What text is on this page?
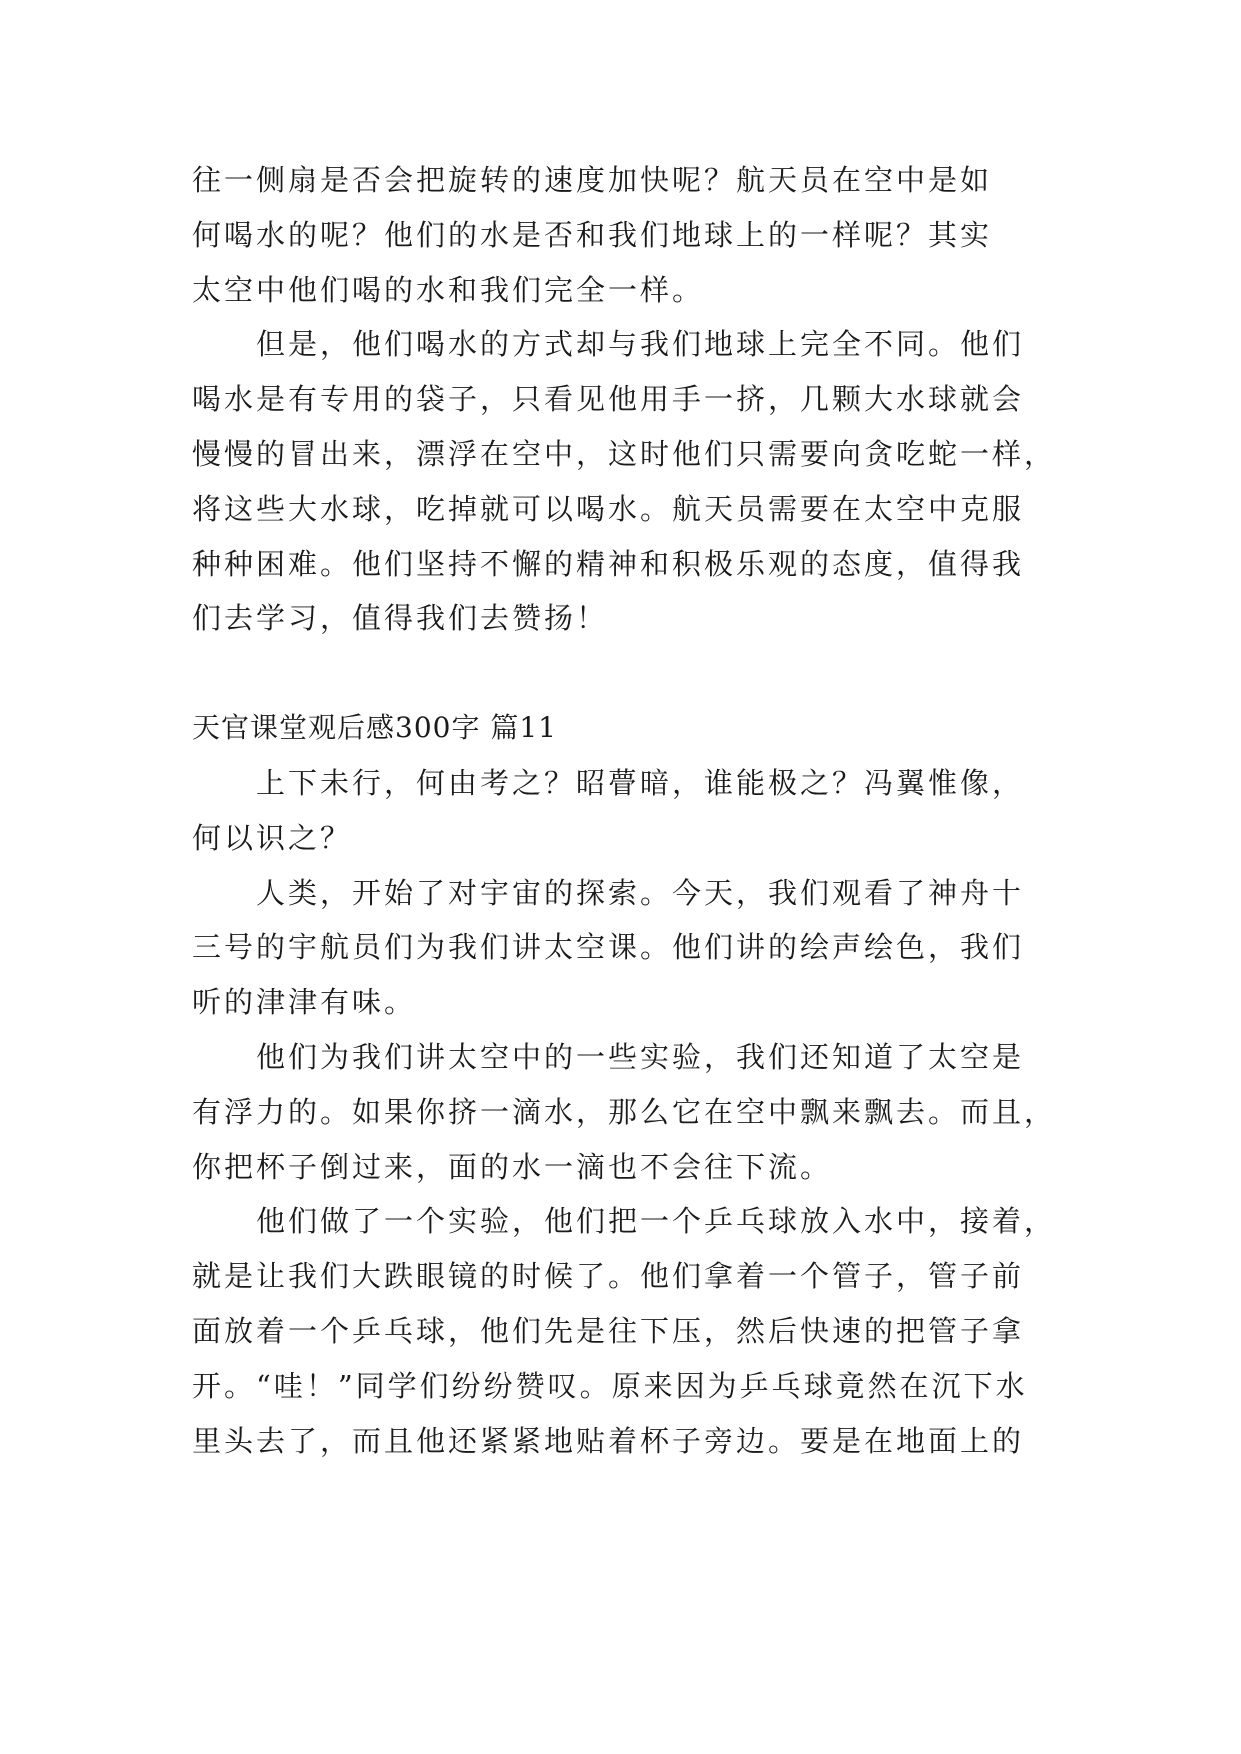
往一侧扇是否会把旋转的速度加快呢？航天员在空中是如
何喝水的呢？他们的水是否和我们地球上的一样呢？其实
太空中他们喝的水和我们完全一样。
但是，他们喝水的方式却与我们地球上完全不同。他们
喝水是有专用的袋子，只看见他用手一挤，几颗大水球就会
慢慢的冒出来，漂浮在空中，这时他们只需要向贪吃蛇一样，
将这些大水球，吃掉就可以喝水。航天员需要在太空中克服
种种困难。他们坚持不懈的精神和积极乐观的态度，值得我
们去学习，值得我们去赞扬！
天官课堂观后感300字 篇11
上下未行，何由考之？昭瞢暗，谁能极之？冯翼惟像，
何以识之？
人类，开始了对宇宙的探索。今天，我们观看了神舟十
三号的宇航员们为我们讲太空课。他们讲的绘声绘色，我们
听的津津有味。
他们为我们讲太空中的一些实验，我们还知道了太空是
有浮力的。如果你挤一滴水，那么它在空中飘来飘去。而且，
你把杯子倒过来，面的水一滴也不会往下流。
他们做了一个实验，他们把一个乒乓球放入水中，接着，
就是让我们大跌眼镜的时候了。他们拿着一个管子，管子前
面放着一个乒乓球，他们先是往下压，然后快速的把管子拿
开。“哇！”同学们纷纷赞叹。原来因为乒乓球竟然在沉下水
里头去了，而且他还紧紧地贴着杯子旁边。要是在地面上的
